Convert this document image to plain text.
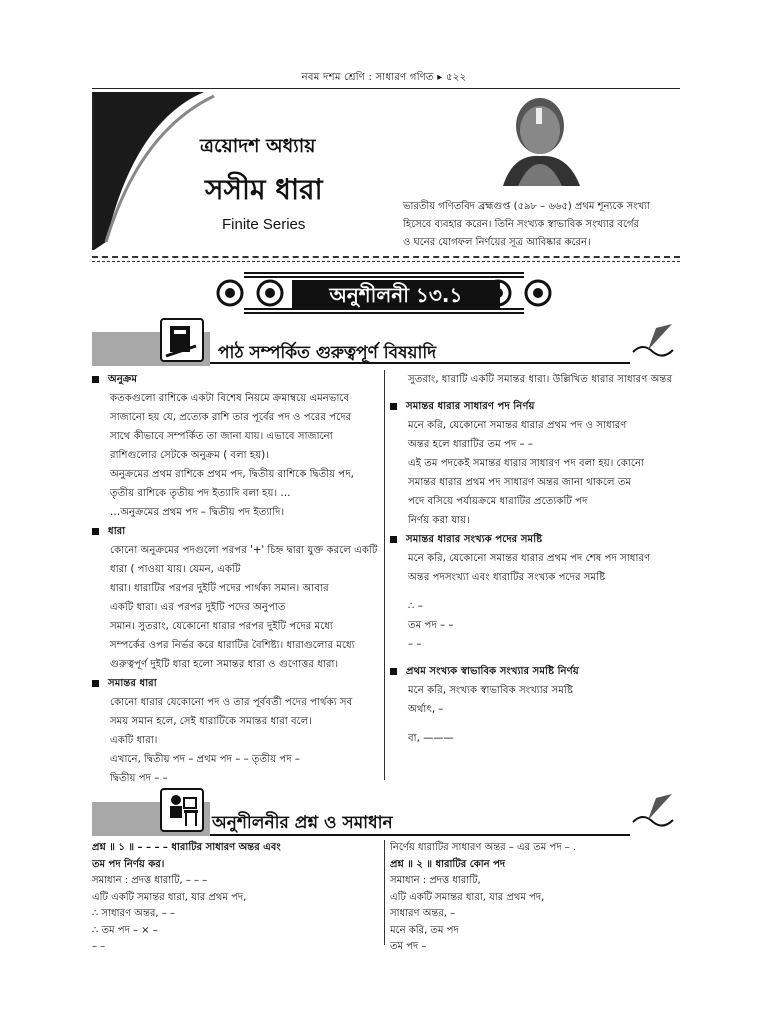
নবম দশম শ্রেণি : সাধারণ গণিত ▸ ৫২২
ত্রয়োদশ অধ্যায়
সসীম ধারা
Finite Series
ভারতীয় গণিতবিদ ব্রহ্মগুপ্ত (৫৯৮ – ৬৬৫) প্রথম শূন্যকে সংখ্যা
হিসেবে ব্যবহার করেন। তিনি সংখ্যক স্বাভাবিক সংখ্যার বর্গের
ও ঘনের যোগফল নির্ণয়ের সূত্র আবিষ্কার করেন।
অনুশীলনী ১৩.১
পাঠ সম্পর্কিত গুরুত্বপূর্ণ বিষয়াদি
অনুক্রম
কতকগুলো রাশিকে একটা বিশেষ নিয়মে ক্রমাম্বয়ে এমনভাবে
সাজানো হয় যে, প্রত্যেক রাশি তার পূর্বের পদ ও পরের পদের
সাথে কীভাবে সম্পর্কিত তা জানা যায়। এভাবে সাজানো
রাশিগুলোর সেটকে অনুক্রম ( বলা হয়)।
অনুক্রমের প্রথম রাশিকে প্রথম পদ, দ্বিতীয় রাশিকে দ্বিতীয় পদ,
তৃতীয় রাশিকে তৃতীয় পদ ইত্যাদি বলা হয়। …
…অনুক্রমের প্রথম পদ – দ্বিতীয় পদ ইত্যাদি।
ধারা
কোনো অনুক্রমের পদগুলো পরপর '+' চিহ্ন দ্বারা যুক্ত করলে একটি
ধারা ( পাওয়া যায়। যেমন, একটি
ধারা। ধারাটির পরপর দুইটি পদের পার্থক্য সমান। আবার
একটি ধারা। এর পরপর দুইটি পদের অনুপাত
সমান। সুতরাং, যেকোনো ধারার পরপর দুইটি পদের মধ্যে
সম্পর্কের ওপর নির্ভর করে ধারাটির বৈশিষ্ট্য। ধারাগুলোর মধ্যে
গুরুত্বপূর্ণ দুইটি ধারা হলো সমান্তর ধারা ও গুণোত্তর ধারা।
সমান্তর ধারা
কোনো ধারার যেকোনো পদ ও তার পূর্ববর্তী পদের পার্থক্য সব
সময় সমান হলে, সেই ধারাটিকে সমান্তর ধারা বলে।
একটি ধারা।
এখানে, দ্বিতীয় পদ – প্রথম পদ – – তৃতীয় পদ –
দ্বিতীয় পদ – –
সুতরাং, ধারাটি একটি সমান্তর ধারা। উল্লিখিত ধারার সাধারণ অন্তর
সমান্তর ধারার সাধারণ পদ নির্ণয়
মনে করি, যেকোনো সমান্তর ধারার প্রথম পদ ও সাধারণ
অন্তর হলে ধারাটির তম পদ – –
এই তম পদকেই সমান্তর ধারার সাধারণ পদ বলা হয়। কোনো
সমান্তর ধারার প্রথম পদ সাধারণ অন্তর জানা থাকলে তম
পদে বসিয়ে পর্যায়ক্রমে ধারাটির প্রত্যেকটি পদ
নির্ণয় করা যায়।
সমান্তর ধারার সংখ্যক পদের সমষ্টি
মনে করি, যেকোনো সমান্তর ধারার প্রথম পদ শেষ পদ সাধারণ
অন্তর পদসংখ্যা এবং ধারাটির সংখ্যক পদের সমষ্টি
∴ –
তম পদ – –
– –
প্রথম সংখ্যক স্বাভাবিক সংখ্যার সমষ্টি নির্ণয়
মনে করি, সংখ্যক স্বাভাবিক সংখ্যার সমষ্টি
অর্থাৎ, –
বা, ———
অনুশীলনীর প্রশ্ন ও সমাধান
প্রশ্ন ॥ ১ ॥ – – – – ধারাটির সাধারণ অন্তর এবং
তম পদ নির্ণয় কর।
সমাধান : প্রদত্ত ধারাটি, – – –
এটি একটি সমান্তর ধারা, যার প্রথম পদ,
∴ সাধারণ অন্তর, – –
∴ তম পদ – × –
– –
নির্ণেয় ধারাটির সাধারণ অন্তর – এর তম পদ – .
প্রশ্ন ॥ ২ ॥ ধারাটির কোন পদ
সমাধান : প্রদত্ত ধারাটি,
এটি একটি সমান্তর ধারা, যার প্রথম পদ,
সাধারণ অন্তর, –
মনে করি, তম পদ
তম পদ –
